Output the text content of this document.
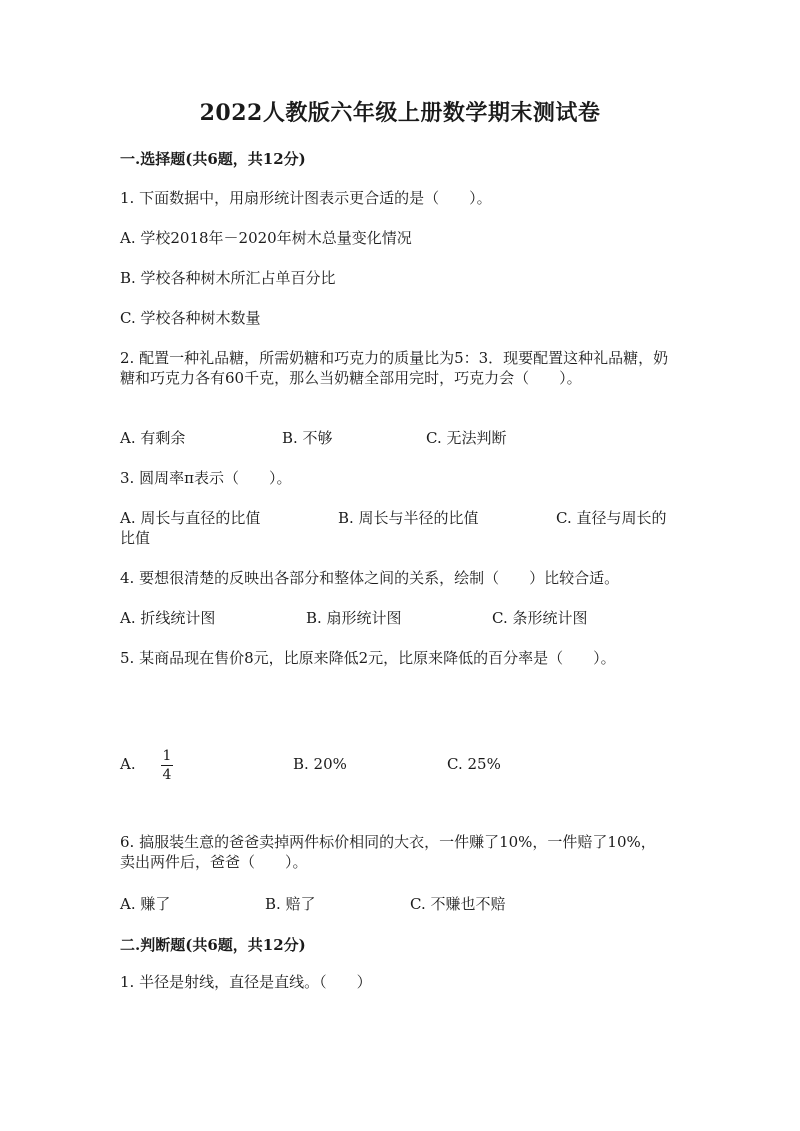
2022人教版六年级上册数学期末测试卷
一.选择题(共6题，共12分)
1. 下面数据中，用扇形统计图表示更合适的是（　　）。
A. 学校2018年－2020年树木总量变化情况
B. 学校各种树木所汇占单百分比
C. 学校各种树木数量
2. 配置一种礼品糖，所需奶糖和巧克力的质量比为5：3．现要配置这种礼品糖，奶糖和巧克力各有60千克，那么当奶糖全部用完时，巧克力会（　　）。
A. 有剩余	B. 不够	C. 无法判断
3. 圆周率π表示（　　）。
A. 周长与直径的比值	B. 周长与半径的比值	C. 直径与周长的比值
4. 要想很清楚的反映出各部分和整体之间的关系，绘制（　　）比较合适。
A. 折线统计图	B. 扇形统计图	C. 条形统计图
5. 某商品现在售价8元，比原来降低2元，比原来降低的百分率是（　　）。
A. 1
4
B. 20%	C. 25%
6. 搞服装生意的爸爸卖掉两件标价相同的大衣，一件赚了10%，一件赔了10%，卖出两件后，爸爸（　　）。
A. 赚了	B. 赔了	C. 不赚也不赔
二.判断题(共6题，共12分)
1. 半径是射线，直径是直线。（　　）
